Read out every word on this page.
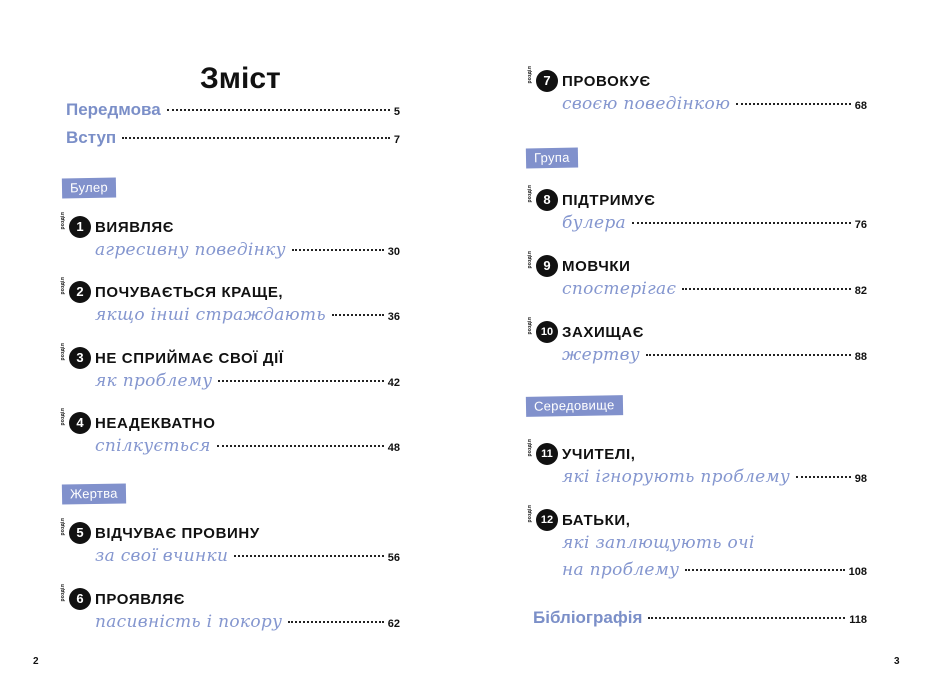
Зміст
Передмова	5
Вступ	7
Булер
розділ 1 ВИЯВЛЯЄ
агресивну поведінку	30
розділ 2 ПОЧУВАЄТЬСЯ КРАЩЕ,
якщо інші страждають	36
розділ 3 НЕ СПРИЙМАЄ СВОЇ ДІЇ
як проблему	42
розділ 4 НЕАДЕКВАТНО
спілкується	48
Жертва
розділ 5 ВІДЧУВАЄ ПРОВИНУ
за свої вчинки	56
розділ 6 ПРОЯВЛЯЄ
пасивність і покору	62
2
розділ 7 ПРОВОКУЄ
своєю поведінкою	68
Група
розділ 8 ПІДТРИМУЄ
булера	76
розділ 9 МОВЧКИ
спостерігає	82
розділ 10 ЗАХИЩАЄ
жертву	88
Середовище
розділ 11 УЧИТЕЛІ,
які ігнорують проблему	98
розділ 12 БАТЬКИ,
які заплющують очі
на проблему	108
Бібліографія	118
3
